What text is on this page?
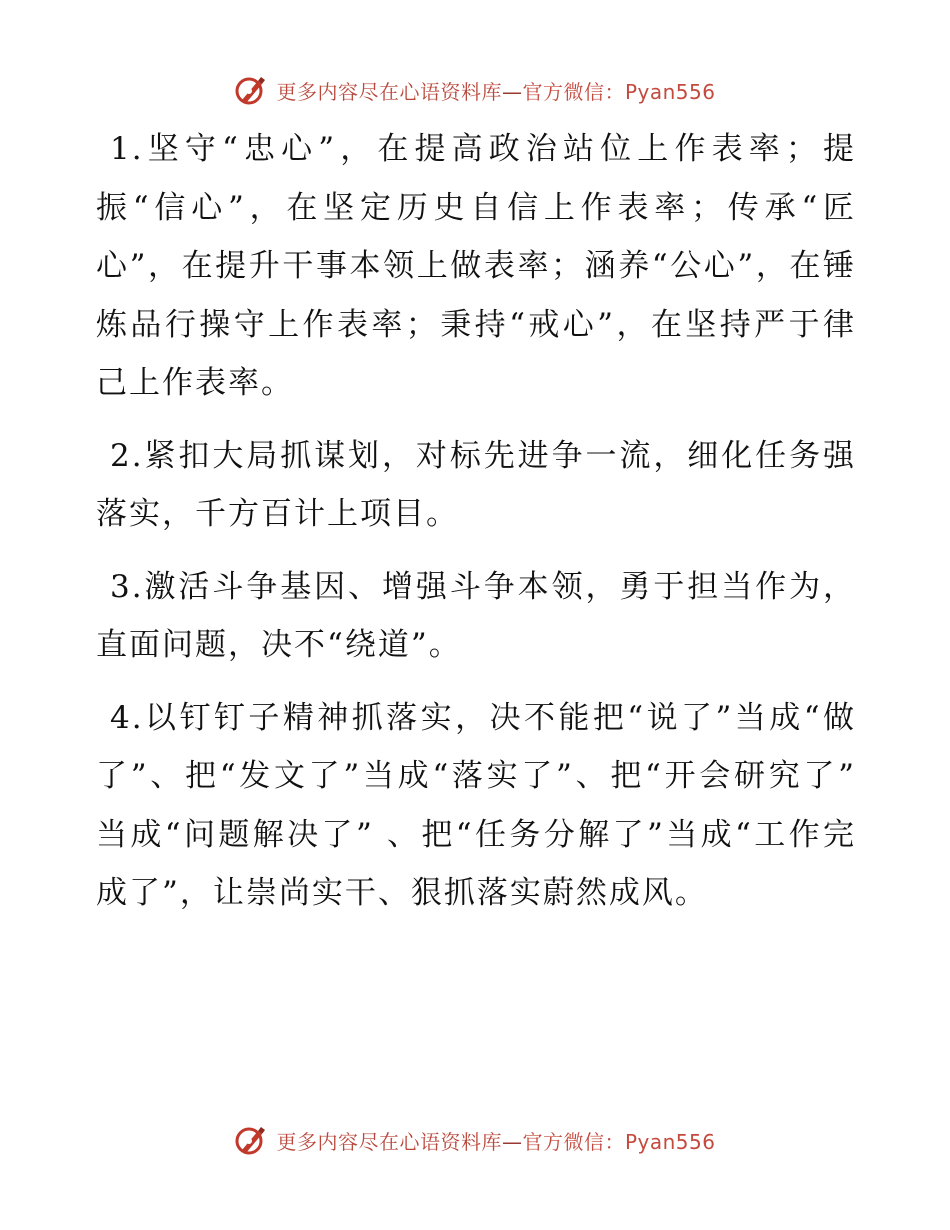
更多内容尽在心语资料库—官方微信：Pyan556

1.坚守“忠心”，在提高政治站位上作表率；提振“信心”，在坚定历史自信上作表率；传承“匠心”，在提升干事本领上做表率；涵养“公心”，在锤炼品行操守上作表率；秉持“戒心”，在坚持严于律己上作表率。

2.紧扣大局抓谋划，对标先进争一流，细化任务强落实，千方百计上项目。

3.激活斗争基因、增强斗争本领，勇于担当作为，直面问题，决不“绕道”。

4.以钉钉子精神抓落实，决不能把“说了”当成“做了”、把“发文了”当成“落实了”、把“开会研究了” 当成“问题解决了” 、把“任务分解了”当成“工作完成了”，让崇尚实干、狠抓落实蔚然成风。

更多内容尽在心语资料库—官方微信：Pyan556
